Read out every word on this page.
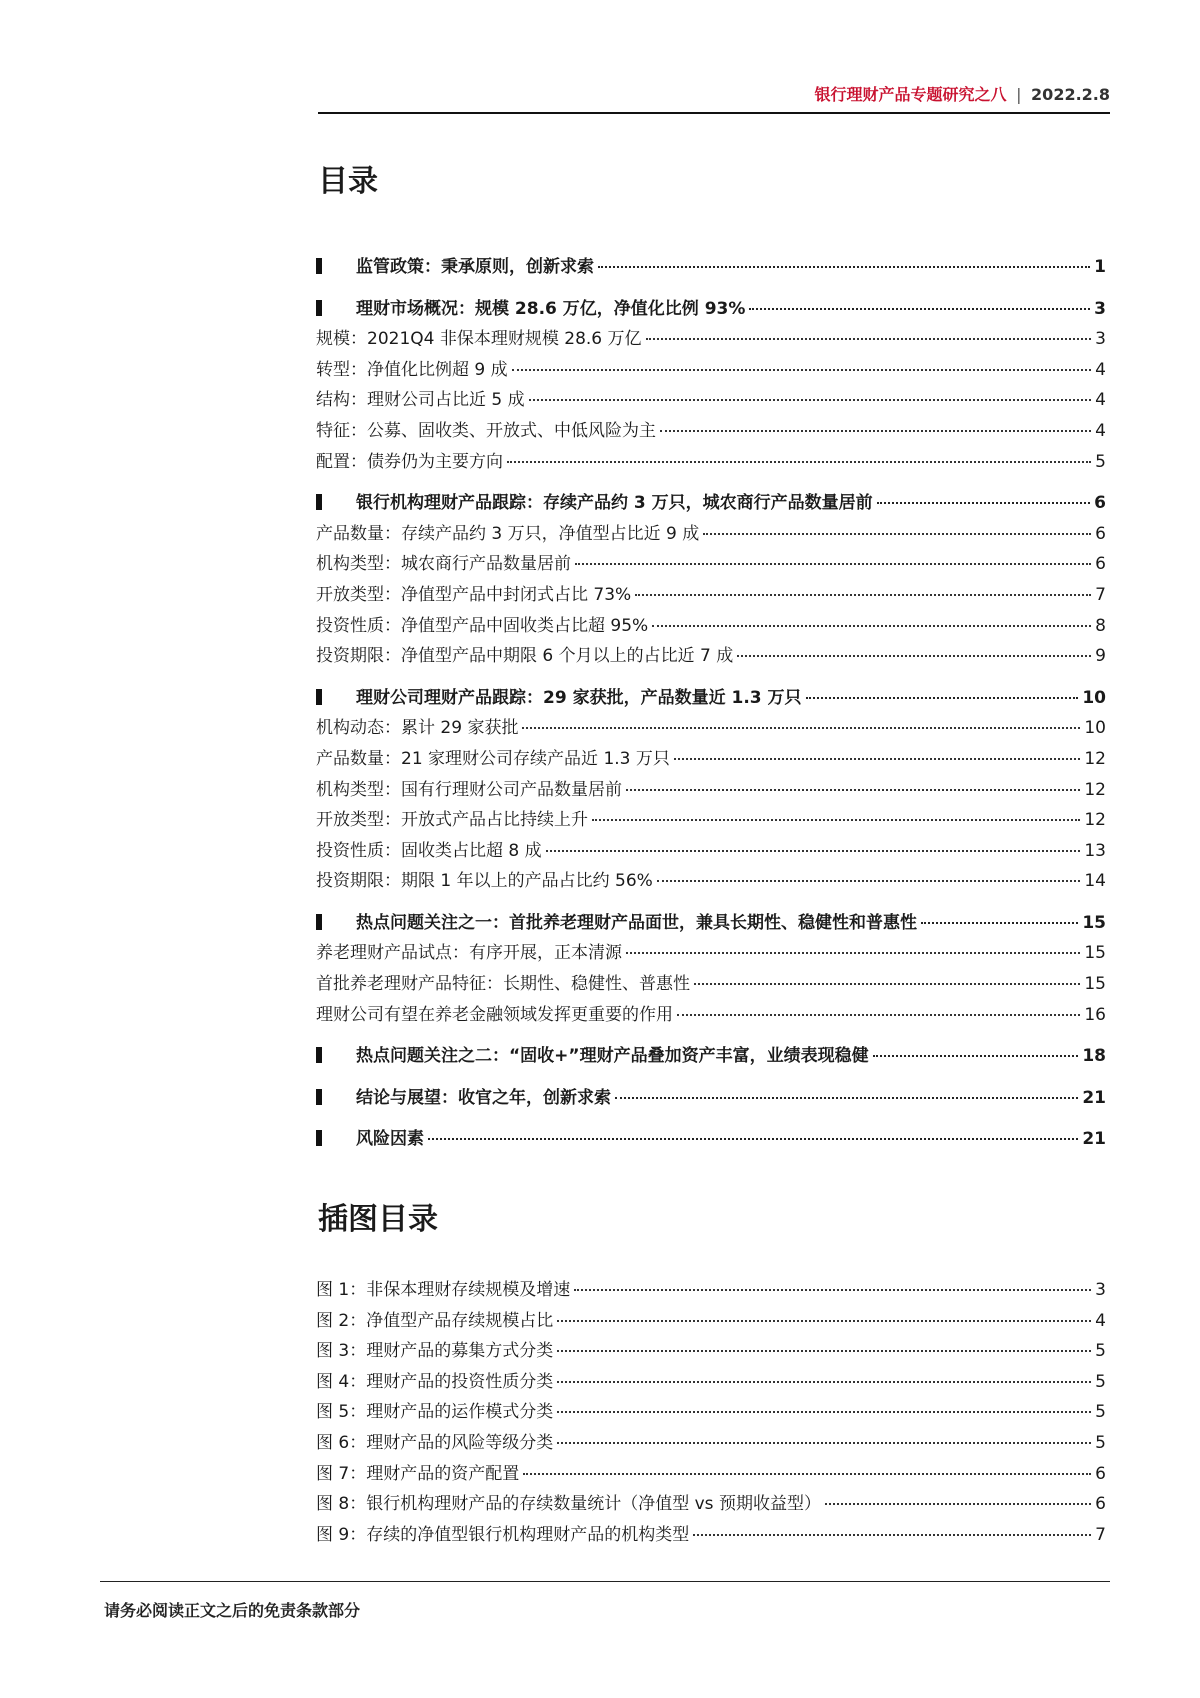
银行理财产品专题研究之八 | 2022.2.8
目录
监管政策：秉承原则，创新求索	1
理财市场概况：规模 28.6 万亿，净值化比例 93%	3
规模：2021Q4 非保本理财规模 28.6 万亿	3
转型：净值化比例超 9 成	4
结构：理财公司占比近 5 成	4
特征：公募、固收类、开放式、中低风险为主	4
配置：债券仍为主要方向	5
银行机构理财产品跟踪：存续产品约 3 万只，城农商行产品数量居前	6
产品数量：存续产品约 3 万只，净值型占比近 9 成	6
机构类型：城农商行产品数量居前	6
开放类型：净值型产品中封闭式占比 73%	7
投资性质：净值型产品中固收类占比超 95%	8
投资期限：净值型产品中期限 6 个月以上的占比近 7 成	9
理财公司理财产品跟踪：29 家获批，产品数量近 1.3 万只	10
机构动态：累计 29 家获批	10
产品数量：21 家理财公司存续产品近 1.3 万只	12
机构类型：国有行理财公司产品数量居前	12
开放类型：开放式产品占比持续上升	12
投资性质：固收类占比超 8 成	13
投资期限：期限 1 年以上的产品占比约 56%	14
热点问题关注之一：首批养老理财产品面世，兼具长期性、稳健性和普惠性	15
养老理财产品试点：有序开展，正本清源	15
首批养老理财产品特征：长期性、稳健性、普惠性	15
理财公司有望在养老金融领域发挥更重要的作用	16
热点问题关注之二：“固收+”理财产品叠加资产丰富，业绩表现稳健	18
结论与展望：收官之年，创新求索	21
风险因素	21
插图目录
图 1：非保本理财存续规模及增速	3
图 2：净值型产品存续规模占比	4
图 3：理财产品的募集方式分类	5
图 4：理财产品的投资性质分类	5
图 5：理财产品的运作模式分类	5
图 6：理财产品的风险等级分类	5
图 7：理财产品的资产配置	6
图 8：银行机构理财产品的存续数量统计（净值型 vs 预期收益型）	6
图 9：存续的净值型银行机构理财产品的机构类型	7
请务必阅读正文之后的免责条款部分
